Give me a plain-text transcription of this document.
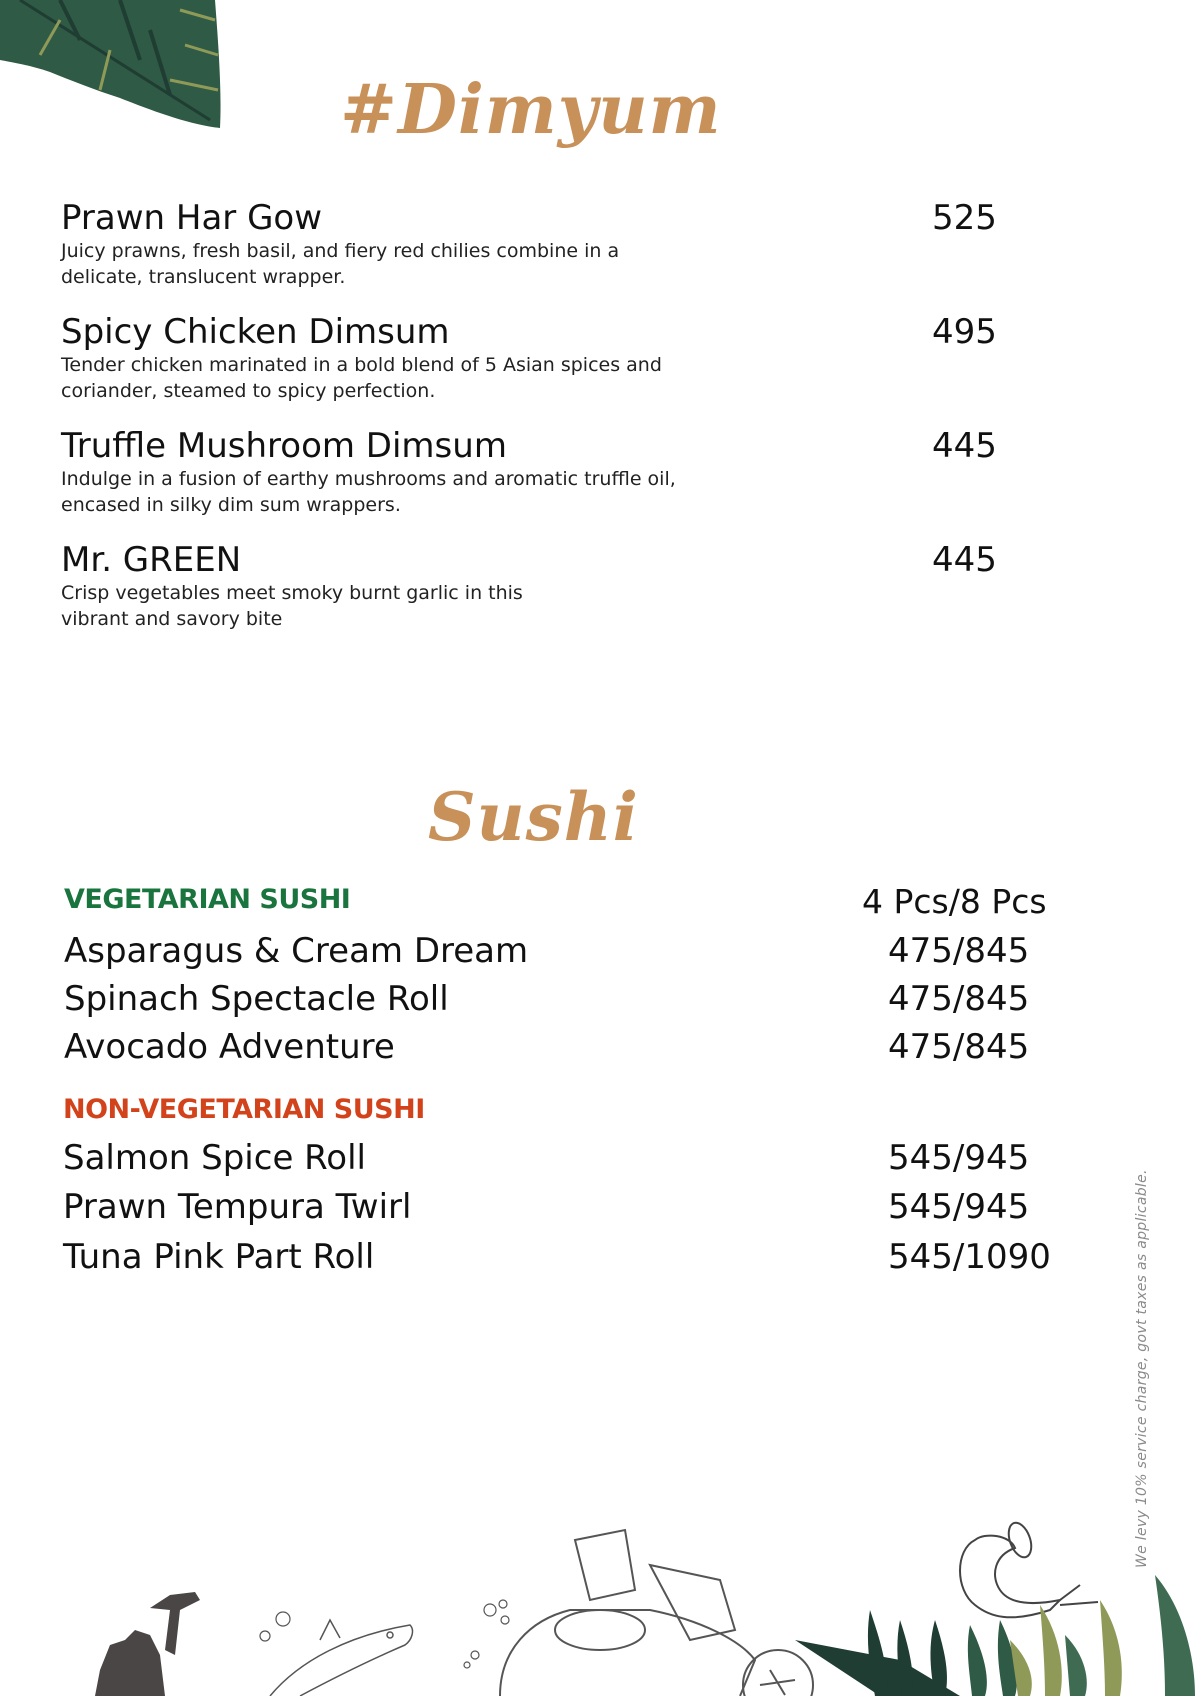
#Dimyum
Prawn Har Gow
Juicy prawns, fresh basil, and fiery red chilies combine in a delicate, translucent wrapper.
525
Spicy Chicken Dimsum
Tender chicken marinated in a bold blend of 5 Asian spices and coriander, steamed to spicy perfection.
495
Truffle Mushroom Dimsum
Indulge in a fusion of earthy mushrooms and aromatic truffle oil, encased in silky dim sum wrappers.
445
Mr. GREEN
Crisp vegetables meet smoky burnt garlic in this vibrant and savory bite
445
Sushi
VEGETARIAN SUSHI	4 Pcs/8 Pcs
Asparagus & Cream Dream	475/845
Spinach Spectacle Roll	475/845
Avocado Adventure	475/845
NON-VEGETARIAN SUSHI
Salmon Spice Roll	545/945
Prawn Tempura Twirl	545/945
Tuna Pink Part Roll	545/1090	We levy 10% service charge, govt taxes as applicable.
